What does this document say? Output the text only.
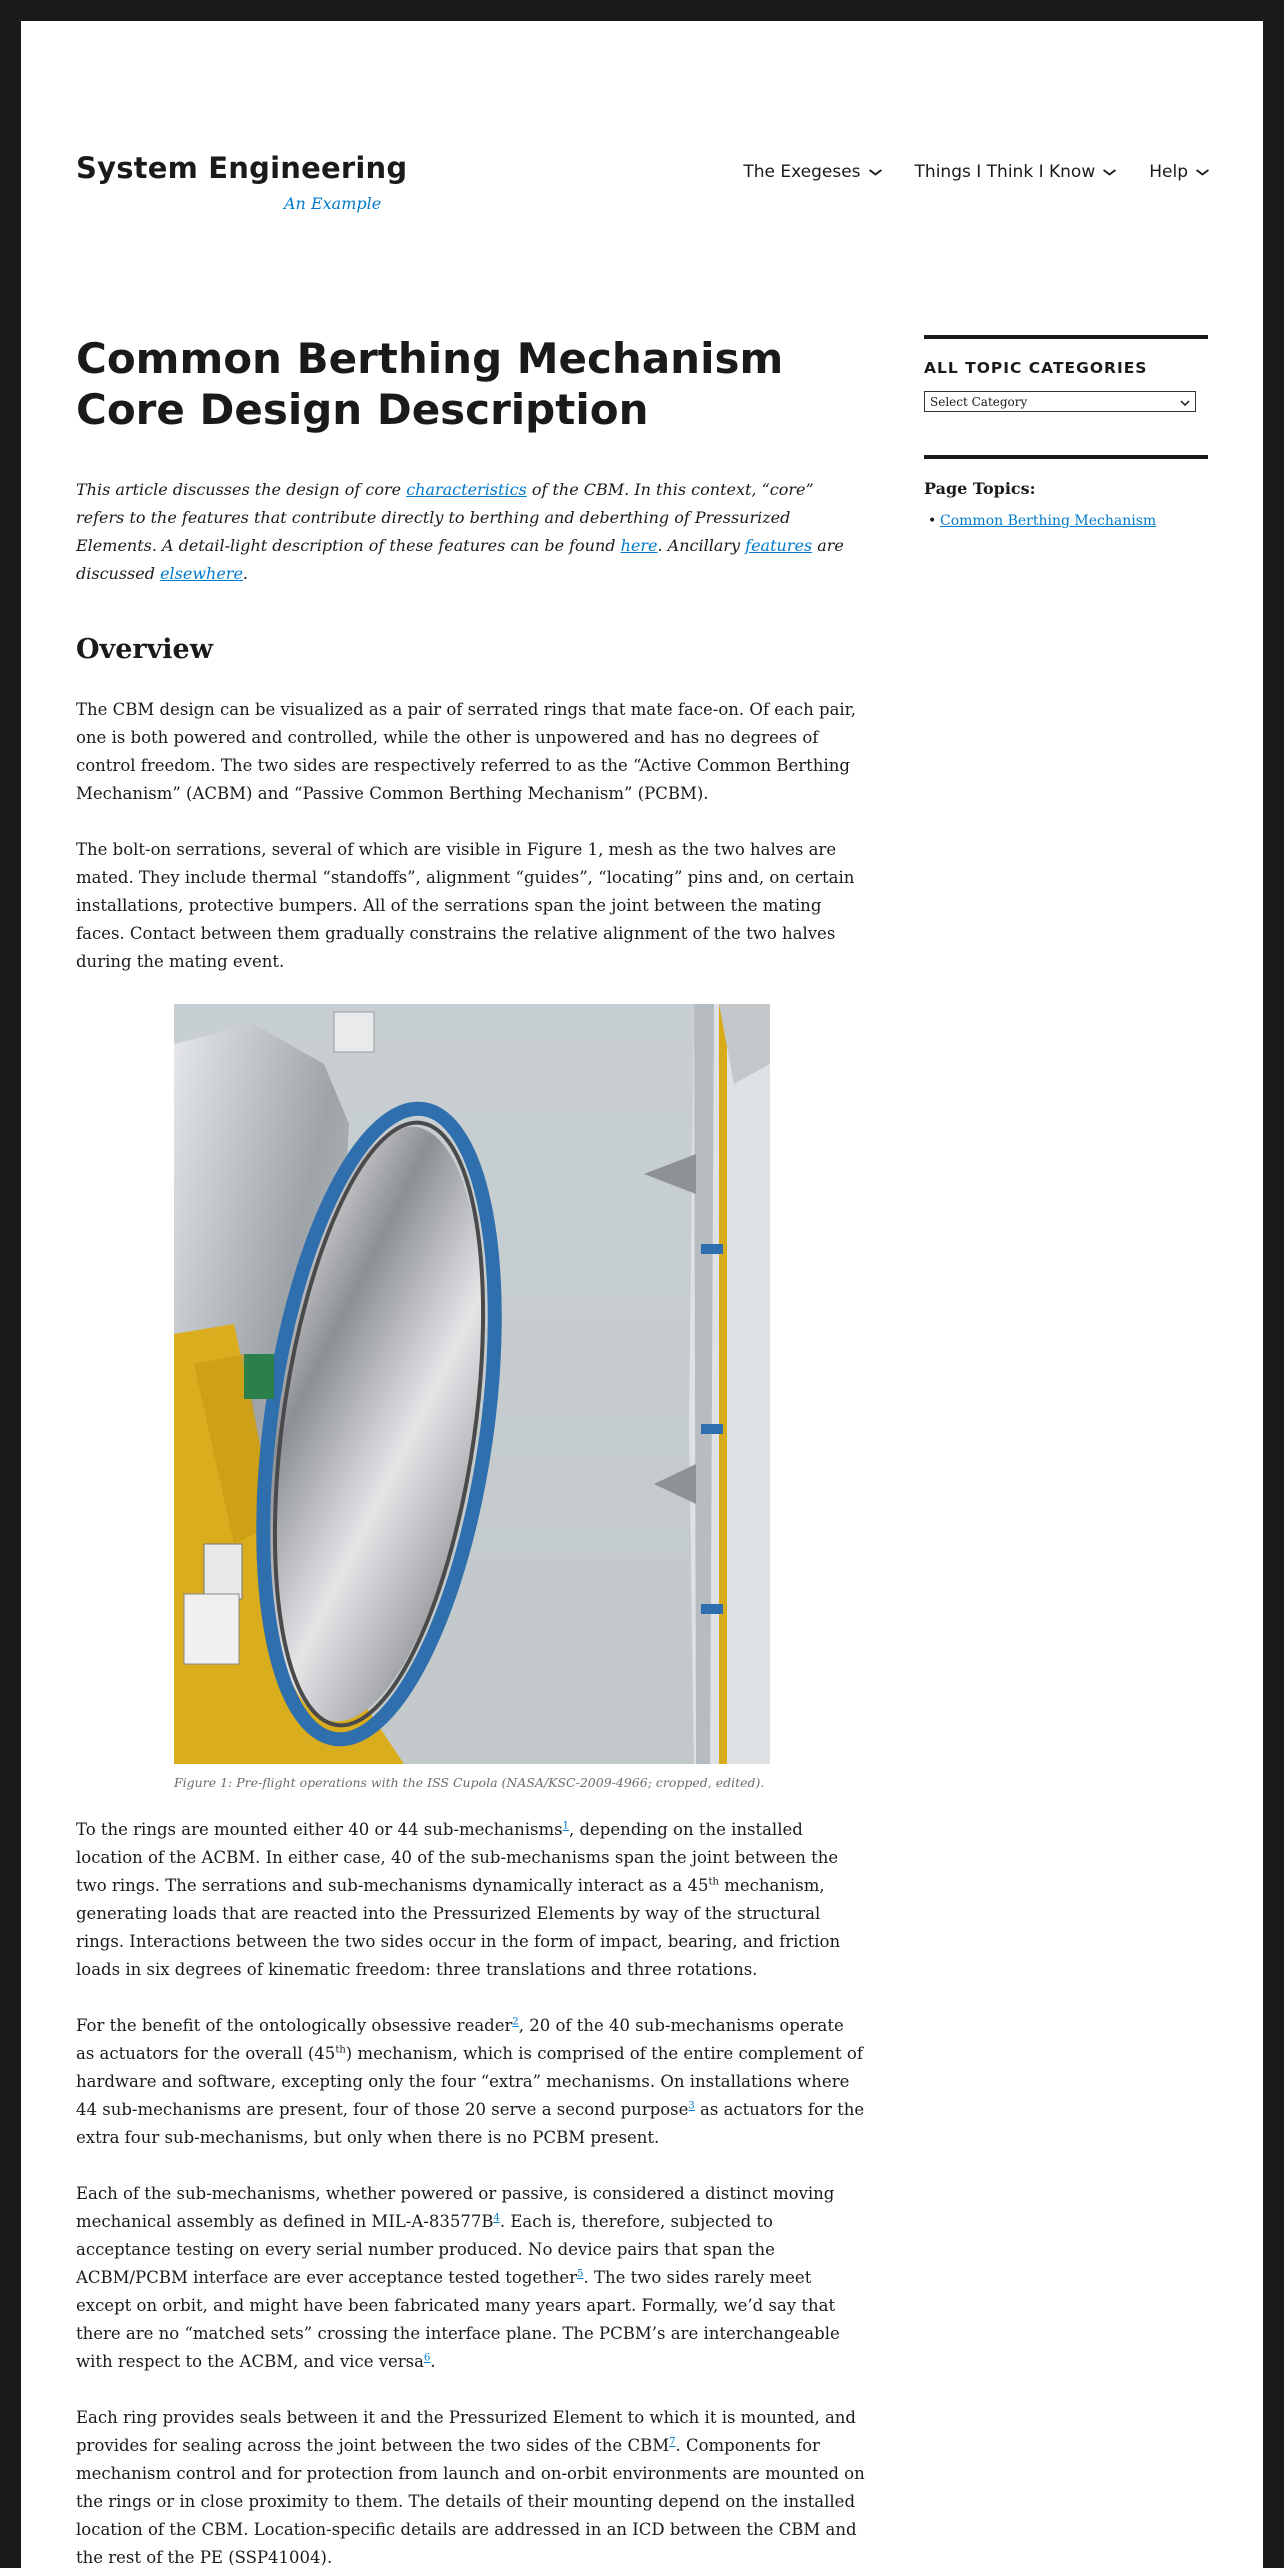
System Engineering
An Example
The Exegeses	Things I Think I Know	Help
Common Berthing Mechanism Core Design Description

This article discusses the design of core characteristics of the CBM. In this context, “core” refers to the features that contribute directly to berthing and deberthing of Pressurized Elements. A detail-light description of these features can be found here. Ancillary features are discussed elsewhere.

Overview

The CBM design can be visualized as a pair of serrated rings that mate face-on. Of each pair, one is both powered and controlled, while the other is unpowered and has no degrees of control freedom. The two sides are respectively referred to as the “Active Common Berthing Mechanism” (ACBM) and “Passive Common Berthing Mechanism” (PCBM).

The bolt-on serrations, several of which are visible in Figure 1, mesh as the two halves are mated. They include thermal “standoffs”, alignment “guides”, “locating” pins and, on certain installations, protective bumpers. All of the serrations span the joint between the mating faces. Contact between them gradually constrains the relative alignment of the two halves during the mating event.

Figure 1: Pre-flight operations with the ISS Cupola (NASA/KSC-2009-4966; cropped, edited).

To the rings are mounted either 40 or 44 sub-mechanisms$^1$, depending on the installed location of the ACBM. In either case, 40 of the sub-mechanisms span the joint between the two rings. The serrations and sub-mechanisms dynamically interact as a 45th mechanism, generating loads that are reacted into the Pressurized Elements by way of the structural rings. Interactions between the two sides occur in the form of impact, bearing, and friction loads in six degrees of kinematic freedom: three translations and three rotations.

For the benefit of the ontologically obsessive reader$^2$, 20 of the 40 sub-mechanisms operate as actuators for the overall (45th) mechanism, which is comprised of the entire complement of hardware and software, excepting only the four “extra” mechanisms. On installations where 44 sub-mechanisms are present, four of those 20 serve a second purpose$^3$ as actuators for the extra four sub-mechanisms, but only when there is no PCBM present.

Each of the sub-mechanisms, whether powered or passive, is considered a distinct moving mechanical assembly as defined in MIL-A-83577B$^4$. Each is, therefore, subjected to acceptance testing on every serial number produced. No device pairs that span the ACBM/PCBM interface are ever acceptance tested together$^5$. The two sides rarely meet except on orbit, and might have been fabricated many years apart. Formally, we’d say that there are no “matched sets” crossing the interface plane. The PCBM’s are interchangeable with respect to the ACBM, and vice versa$^6$.

Each ring provides seals between it and the Pressurized Element to which it is mounted, and provides for sealing across the joint between the two sides of the CBM$^7$. Components for mechanism control and for protection from launch and on-orbit environments are mounted on the rings or in close proximity to them. The details of their mounting depend on the installed location of the CBM. Location-specific details are addressed in an ICD between the CBM and the rest of the PE (SSP41004).

ALL TOPIC CATEGORIES
Select Category
Page Topics:
• Common Berthing Mechanism
